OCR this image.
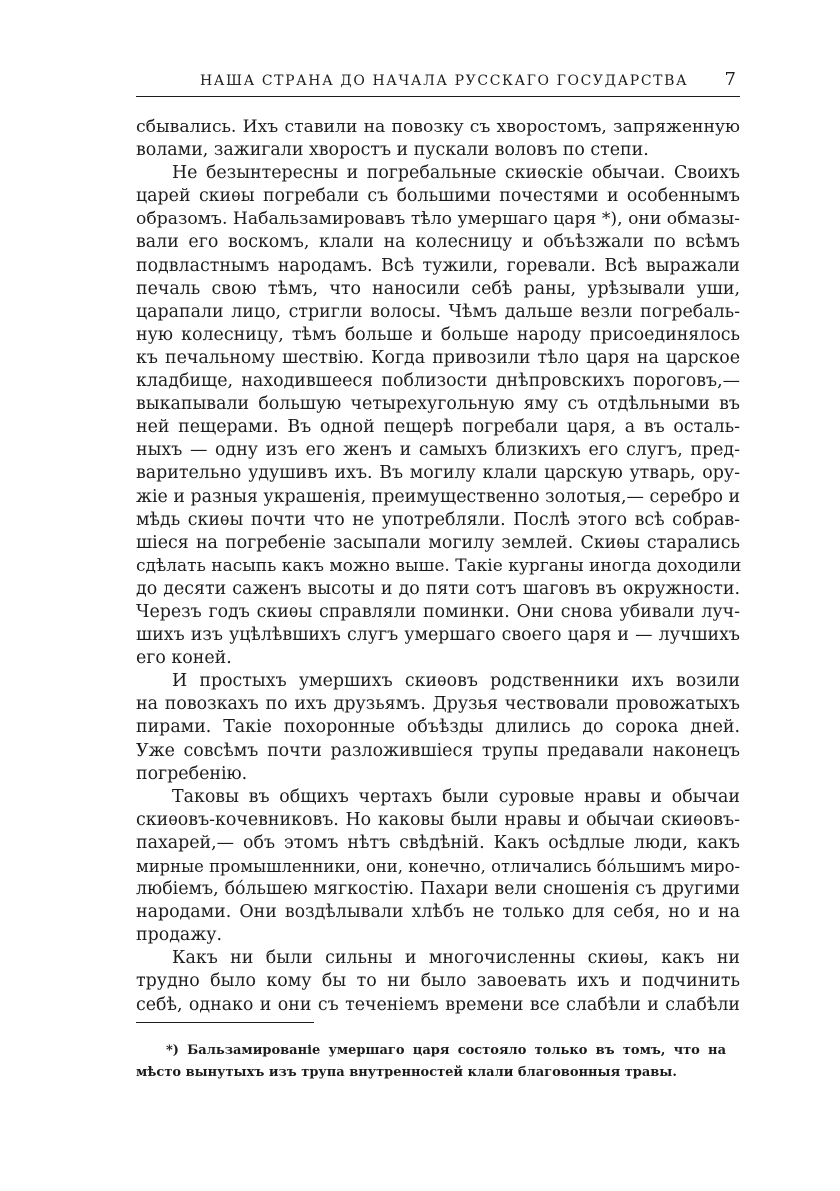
НАША СТРАНА ДО НАЧАЛА РУССКАГО ГОСУДАРСТВА 7
сбывались. Ихъ ставили на повозку съ хворостомъ, запряженную
волами, зажигали хворостъ и пускали воловъ по степи.
Не безынтересны и погребальные скиѳскіе обычаи. Своихъ
царей скиѳы погребали съ большими почестями и особеннымъ
образомъ. Набальзамировавъ тѣло умершаго царя *), они обмазы-
вали его воскомъ, клали на колесницу и объѣзжали по всѣмъ
подвластнымъ народамъ. Всѣ тужили, горевали. Всѣ выражали
печаль свою тѣмъ, что наносили себѣ раны, урѣзывали уши,
царапали лицо, стригли волосы. Чѣмъ дальше везли погребаль-
ную колесницу, тѣмъ больше и больше народу присоединялось
къ печальному шествію. Когда привозили тѣло царя на царское
кладбище, находившееся поблизости днѣпровскихъ пороговъ,—
выкапывали большую четырехугольную яму съ отдѣльными въ
ней пещерами. Въ одной пещерѣ погребали царя, а въ осталь-
ныхъ — одну изъ его женъ и самыхъ близкихъ его слугъ, пред-
варительно удушивъ ихъ. Въ могилу клали царскую утварь, ору-
жіе и разныя украшенія, преимущественно золотыя,— серебро и
мѣдь скиѳы почти что не употребляли. Послѣ этого всѣ собрав-
шіеся на погребеніе засыпали могилу землей. Скиѳы старались
сдѣлать насыпь какъ можно выше. Такіе курганы иногда доходили
до десяти саженъ высоты и до пяти сотъ шаговъ въ окружности.
Черезъ годъ скиѳы справляли поминки. Они снова убивали луч-
шихъ изъ уцѣлѣвшихъ слугъ умершаго своего царя и — лучшихъ
его коней.
И простыхъ умершихъ скиѳовъ родственники ихъ возили
на повозкахъ по ихъ друзьямъ. Друзья чествовали провожатыхъ
пирами. Такіе похоронные объѣзды длились до сорока дней.
Уже совсѣмъ почти разложившіеся трупы предавали наконецъ
погребенію.
Таковы въ общихъ чертахъ были суровые нравы и обычаи
скиѳовъ-кочевниковъ. Но каковы были нравы и обычаи скиѳовъ-
пахарей,— объ этомъ нѣтъ свѣдѣній. Какъ осѣдлые люди, какъ
мирные промышленники, они, конечно, отличались бóльшимъ миро-
любіемъ, бóльшею мягкостію. Пахари вели сношенія съ другими
народами. Они воздѣлывали хлѣбъ не только для себя, но и на
продажу.
Какъ ни были сильны и многочисленны скиѳы, какъ ни
трудно было кому бы то ни было завоевать ихъ и подчинить
себѣ, однако и они съ теченіемъ времени все слабѣли и слабѣли
*) Бальзамированіе умершаго царя состояло только въ томъ, что на
мѣсто вынутыхъ изъ трупа внутренностей клали благовонныя травы.
